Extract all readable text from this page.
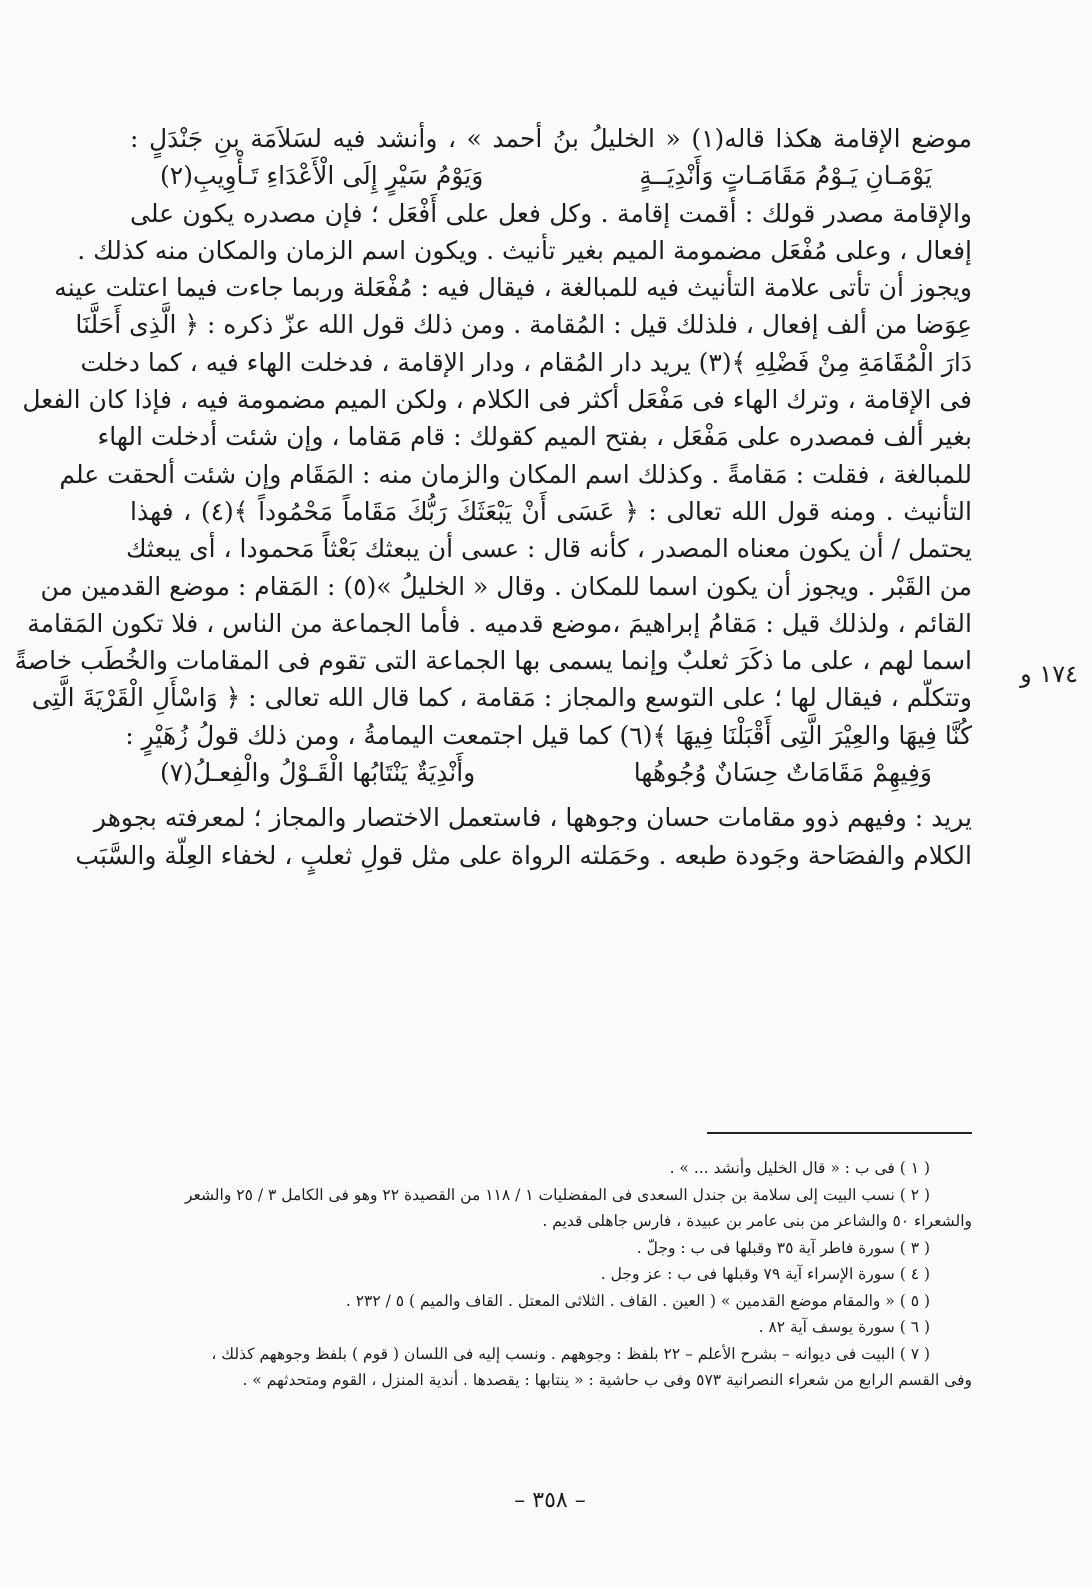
موضع الإقامة هكذا قاله(١) « الخليلُ بنُ أحمد » ، وأنشد فيه لسَلاَمَة بنِ جَنْدَلٍ :
يَوْمَـانِ يَـوْمُ مَقَامَـاتٍ وَأَنْدِيَــةٍ
وَيَوْمُ سَيْرٍ إِلَى الْأَعْدَاءِ تَـأْوِيبِ(٢)
والإقامة مصدر قولك : أقمت إقامة . وكل فعل على أَفْعَل ؛ فإن مصدره يكون على
إفعال ، وعلى مُفْعَل مضمومة الميم بغير تأنيث . ويكون اسم الزمان والمكان منه كذلك .
ويجوز أن تأتى علامة التأنيث فيه للمبالغة ، فيقال فيه : مُفْعَلة وربما جاءت فيما اعتلت عينه
عِوَضا من ألف إفعال ، فلذلك قيل : المُقامة . ومن ذلك قول الله عزّ ذكره : ﴿ الَّذِى أَحَلَّنَا
دَارَ الْمُقَامَةِ مِنْ فَضْلِهِ ﴾(٣) يريد دار المُقام ، ودار الإقامة ، فدخلت الهاء فيه ، كما دخلت
فى الإقامة ، وترك الهاء فى مَفْعَل أكثر فى الكلام ، ولكن الميم مضمومة فيه ، فإذا كان الفعل
بغير ألف فمصدره على مَفْعَل ، بفتح الميم كقولك : قام مَقاما ، وإن شئت أدخلت الهاء
للمبالغة ، فقلت : مَقامةً . وكذلك اسم المكان والزمان منه : المَقَام وإن شئت ألحقت علم
التأنيث . ومنه قول الله تعالى : ﴿ عَسَى أَنْ يَبْعَثَكَ رَبُّكَ مَقَاماً مَحْمُوداً ﴾(٤) ، فهذا
يحتمل / أن يكون معناه المصدر ، كأنه قال : عسى أن يبعثك بَعْثاً مَحمودا ، أى يبعثك
من القَبْر . ويجوز أن يكون اسما للمكان . وقال « الخليلُ »(٥) : المَقام : موضع القدمين من
القائم ، ولذلك قيل : مَقامُ إبراهيمَ ،موضع قدميه . فأما الجماعة من الناس ، فلا تكون المَقامة
اسما لهم ، على ما ذكَرَ ثعلبٌ وإنما يسمى بها الجماعة التى تقوم فى المقامات والخُطَب خاصةً
وتتكلّم ، فيقال لها ؛ على التوسع والمجاز : مَقامة ، كما قال الله تعالى : ﴿ وَاسْأَلِ الْقَرْيَةَ الَّتِى
كُنَّا فِيهَا والعِيْرَ الَّتِى أَقْبَلْنَا فِيهَا ﴾(٦) كما قيل اجتمعت اليمامةُ ، ومن ذلك قولُ زُهَيْرٍ :
وَفِيهِمْ مَقَامَاتٌ حِسَانٌ وُجُوهُها
وأَنْدِيَةٌ يَنْتَابُها الْقَـوْلُ والْفِعـلُ(٧)
يريد : وفيهم ذوو مقامات حسان وجوهها ، فاستعمل الاختصار والمجاز ؛ لمعرفته بجوهر
الكلام والفصَاحة وجَودة طبعه . وحَمَلته الرواة على مثل قولِ ثعلبٍ ، لخفاء العِلّة والسَّبَب
١٧٤ و
( ١ ) فى ب : « قال الخليل وأنشد ... » .
( ٢ ) نسب البيت إلى سلامة بن جندل السعدى فى المفضليات ١ / ١١٨ من القصيدة ٢٢ وهو فى الكامل ٣ / ٢٥ والشعر
والشعراء ٥٠ والشاعر من بنى عامر بن عبيدة ، فارس جاهلى قديم .
( ٣ ) سورة فاطر آية ٣٥ وقبلها فى ب : وجلّ .
( ٤ ) سورة الإسراء آية ٧٩ وقبلها فى ب : عز وجل .
( ٥ ) « والمقام موضع القدمين » ( العين . القاف . الثلاثى المعتل . القاف والميم ) ٥ / ٢٣٢ .
( ٦ ) سورة يوسف آية ٨٢ .
( ٧ ) البيت فى ديوانه – بشرح الأعلم – ٢٢ بلفظ : وجوههم . ونسب إليه فى اللسان ( قوم ) بلفظ وجوههم كذلك ،
وفى القسم الرابع من شعراء النصرانية ٥٧٣ وفى ب حاشية : « ينتابها : يقصدها . أندية المنزل ، القوم ومتحدثهم » .
– ٣٥٨ –
